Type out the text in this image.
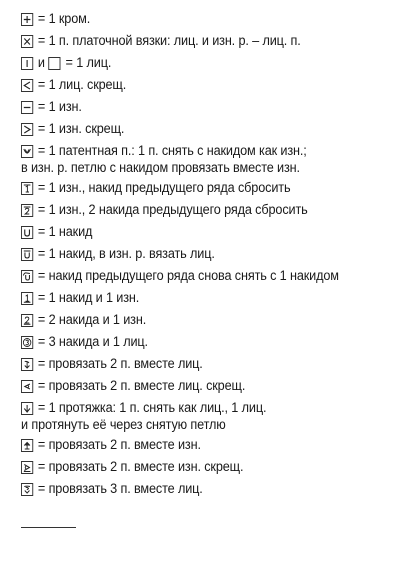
= 1 кром.
= 1 п. платочной вязки: лиц. и изн. р. – лиц. п.
и = 1 лиц.
= 1 лиц. скрещ.
= 1 изн.
= 1 изн. скрещ.
= 1 патентная п.: 1 п. снять с накидом как изн.;
в изн. р. петлю с накидом провязать вместе изн.
= 1 изн., накид предыдущего ряда сбросить
= 1 изн., 2 накида предыдущего ряда сбросить
= 1 накид
= 1 накид, в изн. р. вязать лиц.
= накид предыдущего ряда снова снять с 1 накидом
= 1 накид и 1 изн.
= 2 накида и 1 изн.
= 3 накида и 1 лиц.
= провязать 2 п. вместе лиц.
= провязать 2 п. вместе лиц. скрещ.
= 1 протяжка: 1 п. снять как лиц., 1 лиц.
и протянуть её через снятую петлю
= провязать 2 п. вместе изн.
= провязать 2 п. вместе изн. скрещ.
= провязать 3 п. вместе лиц.
